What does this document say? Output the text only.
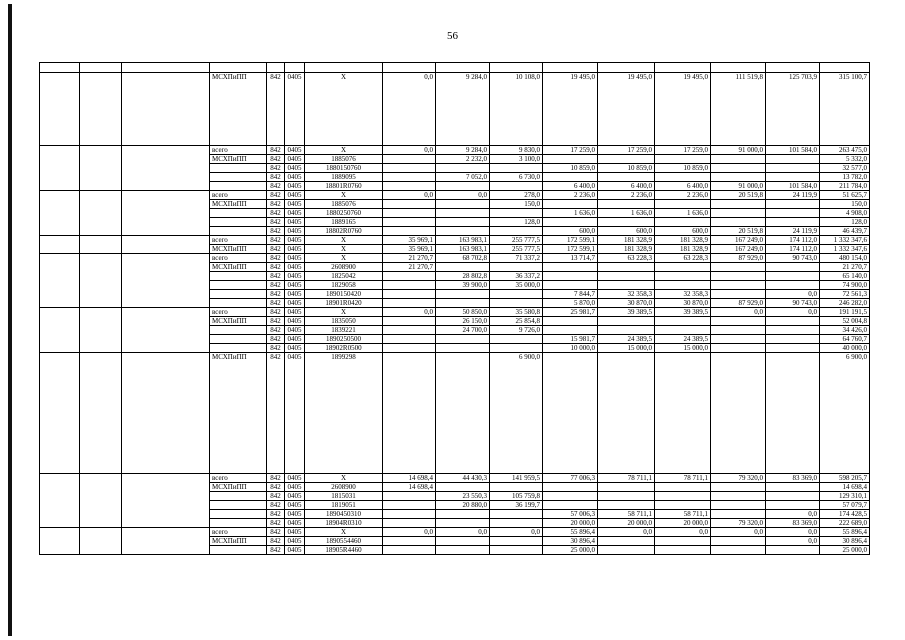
56

			МСХПиПП	842	0405	X	0,0	9 284,0	10 108,0	19 495,0	19 495,0	19 495,0	111 519,8	125 703,9	315 100,7
			всего	842	0405	X	0,0	9 284,0	9 830,0	17 259,0	17 259,0	17 259,0	91 000,0	101 584,0	263 475,0
			МСХПиПП	842	0405	1885076		2 232,0	3 100,0						5 332,0
				842	0405	1880150760				10 859,0	10 859,0	10 859,0			32 577,0
				842	0405	1889095		7 052,0	6 730,0						13 782,0
				842	0405	18801R0760				6 400,0	6 400,0	6 400,0	91 000,0	101 584,0	211 784,0
			всего	842	0405	X	0,0	0,0	278,0	2 236,0	2 236,0	2 236,0	20 519,8	24 119,9	51 625,7
			МСХПиПП	842	0405	1885076			150,0						150,0
				842	0405	1880250760				1 636,0	1 636,0	1 636,0			4 908,0
				842	0405	1889165			128,0						128,0
				842	0405	18802R0760				600,0	600,0	600,0	20 519,8	24 119,9	46 439,7
			всего	842	0405	X	35 969,1	163 983,1	255 777,5	172 599,1	181 328,9	181 328,9	167 249,0	174 112,0	1 332 347,6
			МСХПиПП	842	0405	X	35 969,1	163 983,1	255 777,5	172 599,1	181 328,9	181 328,9	167 249,0	174 112,0	1 332 347,6
			всего	842	0405	X	21 270,7	68 702,8	71 337,2	13 714,7	63 228,3	63 228,3	87 929,0	90 743,0	480 154,0
			МСХПиПП	842	0405	2608900	21 270,7								21 270,7
				842	0405	1825042		28 802,8	36 337,2						65 140,0
				842	0405	1829058		39 900,0	35 000,0						74 900,0
				842	0405	1890150420				7 844,7	32 358,3	32 358,3		0,0	72 561,3
				842	0405	18901R0420				5 870,0	30 870,0	30 870,0	87 929,0	90 743,0	246 282,0
			всего	842	0405	X	0,0	50 850,0	35 580,8	25 981,7	39 389,5	39 389,5	0,0	0,0	191 191,5
			МСХПиПП	842	0405	1835050		26 150,0	25 854,8						52 004,8
				842	0405	1839221		24 700,0	9 726,0						34 426,0
				842	0405	1890250500				15 981,7	24 389,5	24 389,5			64 760,7
				842	0405	18902R0500				10 000,0	15 000,0	15 000,0			40 000,0
			МСХПиПП	842	0405	1899298			6 900,0						6 900,0
			всего	842	0405	X	14 698,4	44 430,3	141 959,5	77 006,3	78 711,1	78 711,1	79 320,0	83 369,0	598 205,7
			МСХПиПП	842	0405	2608900	14 698,4								14 698,4
				842	0405	1815031		23 550,3	105 759,8						129 310,1
				842	0405	1819051		20 880,0	36 199,7						57 079,7
				842	0405	1890450310				57 006,3	58 711,1	58 711,1		0,0	174 428,5
				842	0405	18904R0310				20 000,0	20 000,0	20 000,0	79 320,0	83 369,0	222 689,0
			всего	842	0405	X	0,0	0,0	0,0	55 896,4	0,0	0,0	0,0	0,0	55 896,4
			МСХПиПП	842	0405	1890554460				30 896,4				0,0	30 896,4
				842	0405	18905R4460				25 000,0					25 000,0
